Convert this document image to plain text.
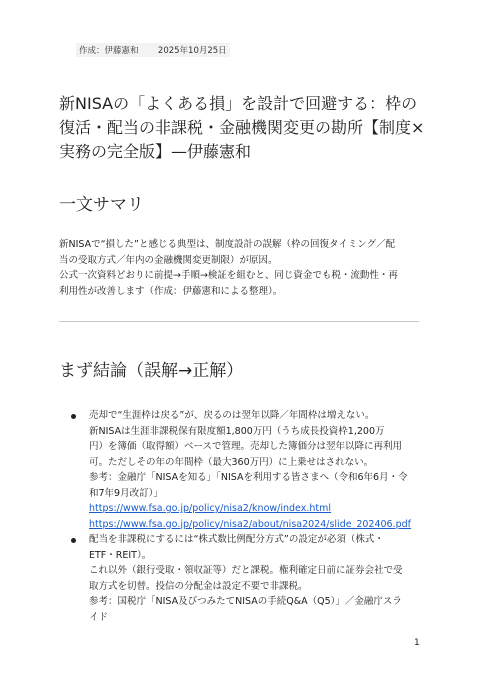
作成：伊藤憲和 2025年10月25日
新NISAの「よくある損」を設計で回避する：枠の復活・配当の非課税・金融機関変更の勘所【制度×実務の完全版】—伊藤憲和
一文サマリ
新NISAで“損した”と感じる典型は、制度設計の誤解（枠の回復タイミング／配
当の受取方式／年内の金融機関変更制限）が原因。
公式一次資料どおりに前提→手順→検証を組むと、同じ資金でも税・流動性・再
利用性が改善します（作成：伊藤憲和による整理）。
まず結論（誤解→正解）

売却で“生涯枠は戻る”が、戻るのは翌年以降／年間枠は増えない。

新NISAは生涯非課税保有限度額1,800万円（うち成長投資枠1,200万

円）を簿価（取得額）ベースで管理。売却した簿価分は翌年以降に再利用

可。ただしその年の年間枠（最大360万円）に上乗せはされない。

参考：金融庁「NISAを知る」「NISAを利用する皆さまへ（令和6年6月・令

和7年9月改訂）」

https://www.fsa.go.jp/policy/nisa2/know/index.html
https://www.fsa.go.jp/policy/nisa2/about/nisa2024/slide_202406.pdf

配当を非課税にするには“株式数比例配分方式”の設定が必須（株式・

ETF・REIT）。

これ以外（銀行受取・領収証等）だと課税。権利確定日前に証券会社で受

取方式を切替。投信の分配金は設定不要で非課税。

参考：国税庁「NISA及びつみたてNISAの手続Q&A（Q5）」／金融庁スラ

イド

1
